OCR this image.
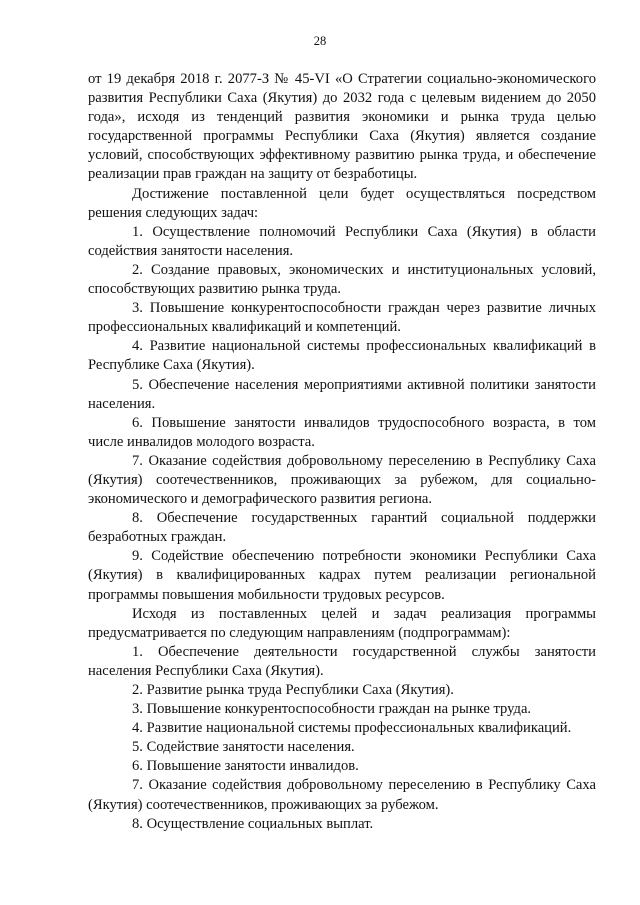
28

от 19 декабря 2018 г. 2077-З № 45-VI «О Стратегии социально-экономического развития Республики Саха (Якутия) до 2032 года с целевым видением до 2050 года», исходя из тенденций развития экономики и рынка труда целью государственной программы Республики Саха (Якутия) является создание условий, способствующих эффективному развитию рынка труда, и обеспечение реализации прав граждан на защиту от безработицы.

Достижение поставленной цели будет осуществляться посредством решения следующих задач:

1. Осуществление полномочий Республики Саха (Якутия) в области содействия занятости населения.

2. Создание правовых, экономических и институциональных условий, способствующих развитию рынка труда.

3. Повышение конкурентоспособности граждан через развитие личных профессиональных квалификаций и компетенций.

4. Развитие национальной системы профессиональных квалификаций в Республике Саха (Якутия).

5. Обеспечение населения мероприятиями активной политики занятости населения.

6. Повышение занятости инвалидов трудоспособного возраста, в том числе инвалидов молодого возраста.

7. Оказание содействия добровольному переселению в Республику Саха (Якутия) соотечественников, проживающих за рубежом, для социально-экономического и демографического развития региона.

8. Обеспечение государственных гарантий социальной поддержки безработных граждан.

9. Содействие обеспечению потребности экономики Республики Саха (Якутия) в квалифицированных кадрах путем реализации региональной программы повышения мобильности трудовых ресурсов.

Исходя из поставленных целей и задач реализация программы предусматривается по следующим направлениям (подпрограммам):

1. Обеспечение деятельности государственной службы занятости населения Республики Саха (Якутия).

2. Развитие рынка труда Республики Саха (Якутия).

3. Повышение конкурентоспособности граждан на рынке труда.

4. Развитие национальной системы профессиональных квалификаций.

5. Содействие занятости населения.

6. Повышение занятости инвалидов.

7. Оказание содействия добровольному переселению в Республику Саха (Якутия) соотечественников, проживающих за рубежом.

8. Осуществление социальных выплат.
